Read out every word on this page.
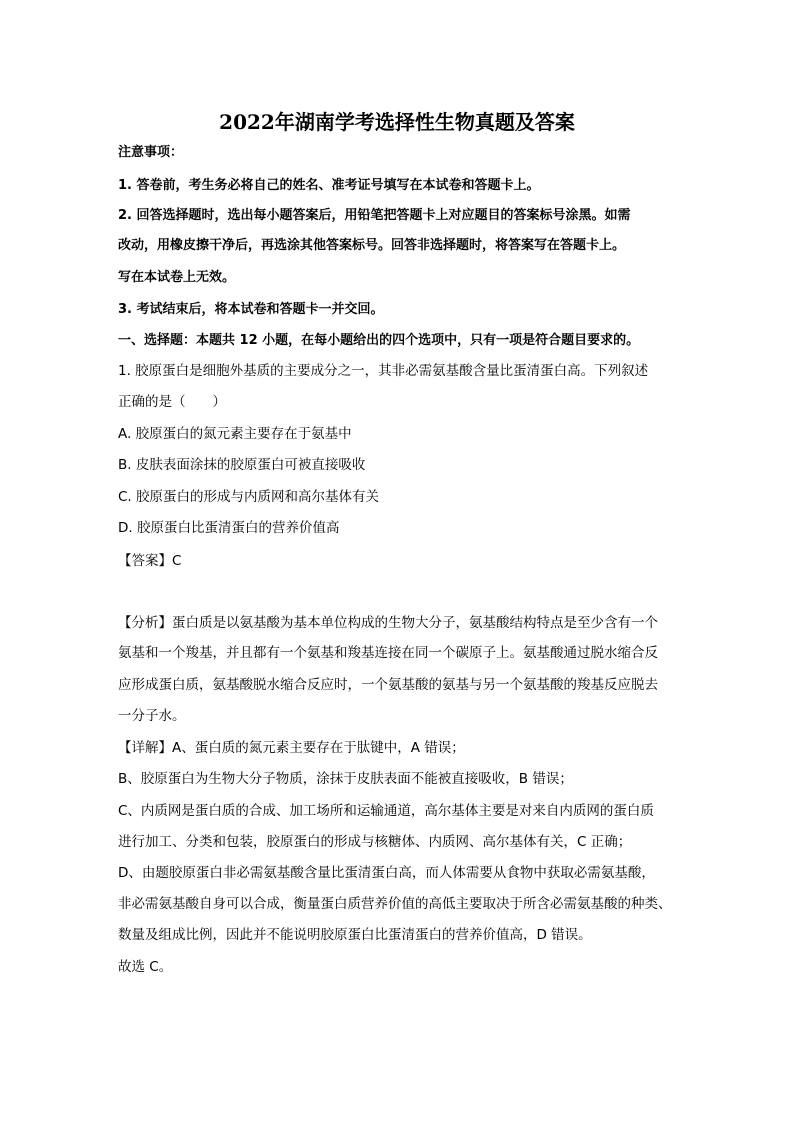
2022年湖南学考选择性生物真题及答案
注意事项：
1. 答卷前，考生务必将自己的姓名、准考证号填写在本试卷和答题卡上。
2. 回答选择题时，选出每小题答案后，用铅笔把答题卡上对应题目的答案标号涂黑。如需
改动，用橡皮擦干净后，再选涂其他答案标号。回答非选择题时，将答案写在答题卡上。
写在本试卷上无效。
3. 考试结束后，将本试卷和答题卡一并交回。
一、选择题：本题共 12 小题，在每小题给出的四个选项中，只有一项是符合题目要求的。
1. 胶原蛋白是细胞外基质的主要成分之一，其非必需氨基酸含量比蛋清蛋白高。下列叙述
正确的是（　　）
A. 胶原蛋白的氮元素主要存在于氨基中
B. 皮肤表面涂抹的胶原蛋白可被直接吸收
C. 胶原蛋白的形成与内质网和高尔基体有关
D. 胶原蛋白比蛋清蛋白的营养价值高
【答案】C
【分析】蛋白质是以氨基酸为基本单位构成的生物大分子，氨基酸结构特点是至少含有一个
氨基和一个羧基，并且都有一个氨基和羧基连接在同一个碳原子上。氨基酸通过脱水缩合反
应形成蛋白质，氨基酸脱水缩合反应时，一个氨基酸的氨基与另一个氨基酸的羧基反应脱去
一分子水。
【详解】A、蛋白质的氮元素主要存在于肽键中，A 错误；
B、胶原蛋白为生物大分子物质，涂抹于皮肤表面不能被直接吸收，B 错误；
C、内质网是蛋白质的合成、加工场所和运输通道，高尔基体主要是对来自内质网的蛋白质
进行加工、分类和包装，胶原蛋白的形成与核糖体、内质网、高尔基体有关，C 正确；
D、由题胶原蛋白非必需氨基酸含量比蛋清蛋白高，而人体需要从食物中获取必需氨基酸，
非必需氨基酸自身可以合成，衡量蛋白质营养价值的高低主要取决于所含必需氨基酸的种类、
数量及组成比例，因此并不能说明胶原蛋白比蛋清蛋白的营养价值高，D 错误。
故选 C。
